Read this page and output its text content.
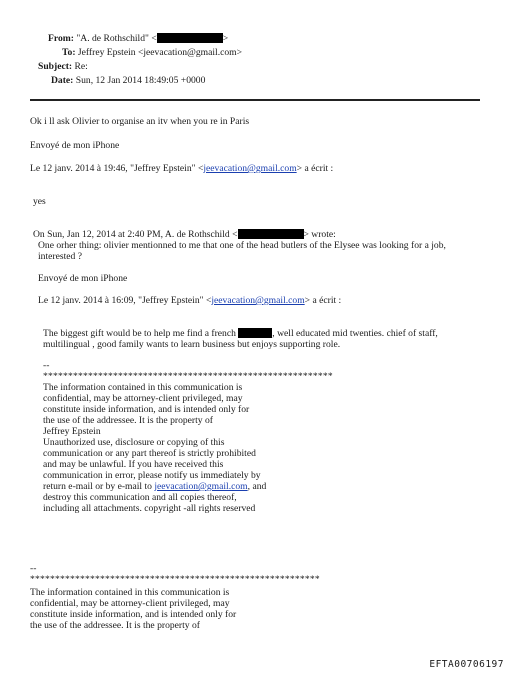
From: "A. de Rothschild" <	>
To: Jeffrey Epstein <jeevacation@gmail.com>
Subject: Re:
Date: Sun, 12 Jan 2014 18:49:05 +0000
Ok i ll ask Olivier to organise an itv when you re in Paris
Envoyé de mon iPhone
Le 12 janv. 2014 à 19:46, "Jeffrey Epstein" <jeevacation@gmail.com> a écrit :
yes
On Sun, Jan 12, 2014 at 2:40 PM, A. de Rothschild <	> wrote:
One orher thing: olivier mentionned to me that one of the head butlers of the Elysee was looking for a job,
interested ?
Envoyé de mon iPhone
Le 12 janv. 2014 à 16:09, "Jeffrey Epstein" <jeevacation@gmail.com> a écrit :
The biggest gift would be to help me find a french	, well educated mid twenties. chief of staff,
multilingual , good family wants to learn business but enjoys supporting role.
--
**********************************************************
The information contained in this communication is
confidential, may be attorney-client privileged, may
constitute inside information, and is intended only for
the use of the addressee. It is the property of
Jeffrey Epstein
Unauthorized use, disclosure or copying of this
communication or any part thereof is strictly prohibited
and may be unlawful. If you have received this
communication in error, please notify us immediately by
return e-mail or by e-mail to jeevacation@gmail.com, and
destroy this communication and all copies thereof,
including all attachments. copyright -all rights reserved
--
**********************************************************
The information contained in this communication is
confidential, may be attorney-client privileged, may
constitute inside information, and is intended only for
the use of the addressee. It is the property of
EFTA00706197
